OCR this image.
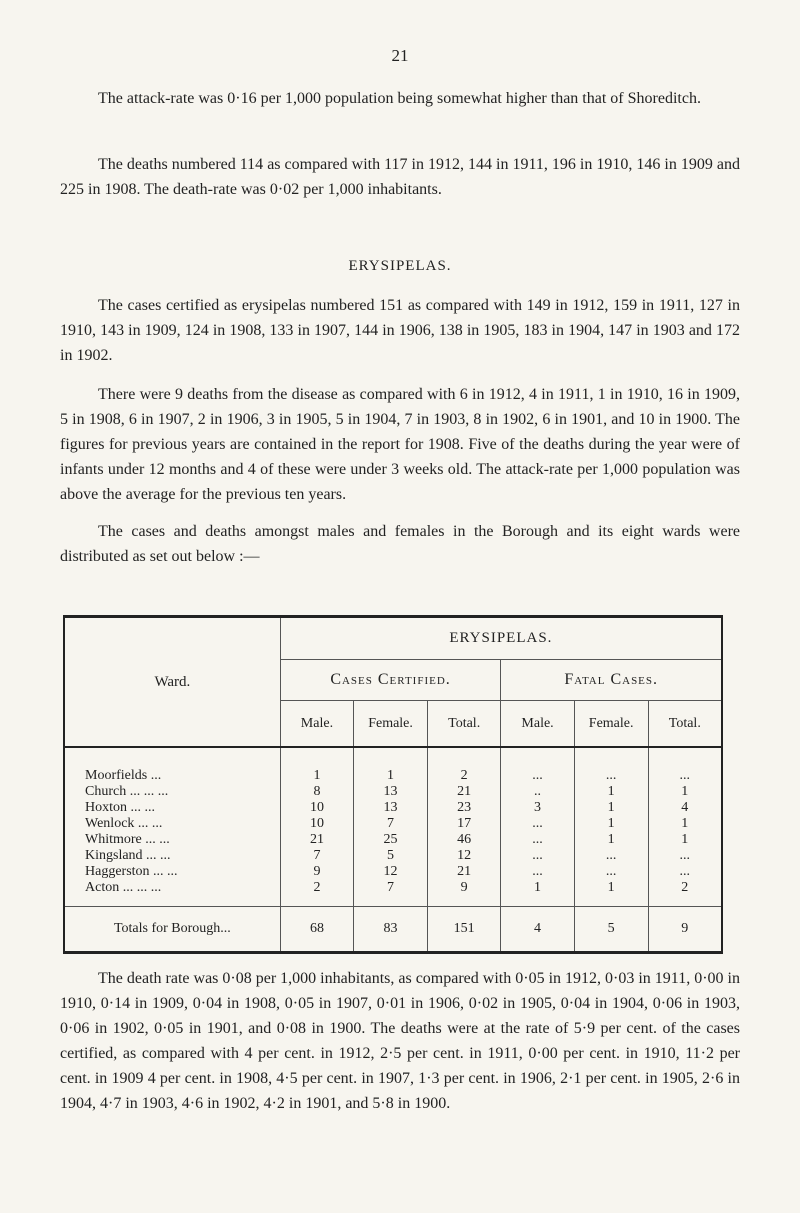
21

The attack-rate was 0·16 per 1,000 population being somewhat higher than that of Shoreditch.

The deaths numbered 114 as compared with 117 in 1912, 144 in 1911, 196 in 1910, 146 in 1909 and 225 in 1908. The death-rate was 0·02 per 1,000 inhabitants.

ERYSIPELAS.

The cases certified as erysipelas numbered 151 as compared with 149 in 1912, 159 in 1911, 127 in 1910, 143 in 1909, 124 in 1908, 133 in 1907, 144 in 1906, 138 in 1905, 183 in 1904, 147 in 1903 and 172 in 1902.

There were 9 deaths from the disease as compared with 6 in 1912, 4 in 1911, 1 in 1910, 16 in 1909, 5 in 1908, 6 in 1907, 2 in 1906, 3 in 1905, 5 in 1904, 7 in 1903, 8 in 1902, 6 in 1901, and 10 in 1900. The figures for previous years are contained in the report for 1908. Five of the deaths during the year were of infants under 12 months and 4 of these were under 3 weeks old. The attack-rate per 1,000 population was above the average for the previous ten years.

The cases and deaths amongst males and females in the Borough and its eight wards were distributed as set out below :—

Ward.	ERYSIPELAS.					
	Cases Certified.			Fatal Cases.		
	Male.	Female.	Total.	Male.	Female.	Total.
Moorfields ...	1	1	2	...	...	...
Church ... ... ...	8	13	21	..	1	1
Hoxton ... ...	10	13	23	3	1	4
Wenlock ... ...	10	7	17	...	1	1
Whitmore ... ...	21	25	46	...	1	1
Kingsland ... ...	7	5	12	...	...	...
Haggerston ... ...	9	12	21	...	...	...
Acton ... ... ...	2	7	9	1	1	2
Totals for Borough...	68	83	151	4	5	9

The death rate was 0·08 per 1,000 inhabitants, as compared with 0·05 in 1912, 0·03 in 1911, 0·00 in 1910, 0·14 in 1909, 0·04 in 1908, 0·05 in 1907, 0·01 in 1906, 0·02 in 1905, 0·04 in 1904, 0·06 in 1903, 0·06 in 1902, 0·05 in 1901, and 0·08 in 1900. The deaths were at the rate of 5·9 per cent. of the cases certified, as compared with 4 per cent. in 1912, 2·5 per cent. in 1911, 0·00 per cent. in 1910, 11·2 per cent. in 1909 4 per cent. in 1908, 4·5 per cent. in 1907, 1·3 per cent. in 1906, 2·1 per cent. in 1905, 2·6 in 1904, 4·7 in 1903, 4·6 in 1902, 4·2 in 1901, and 5·8 in 1900.
